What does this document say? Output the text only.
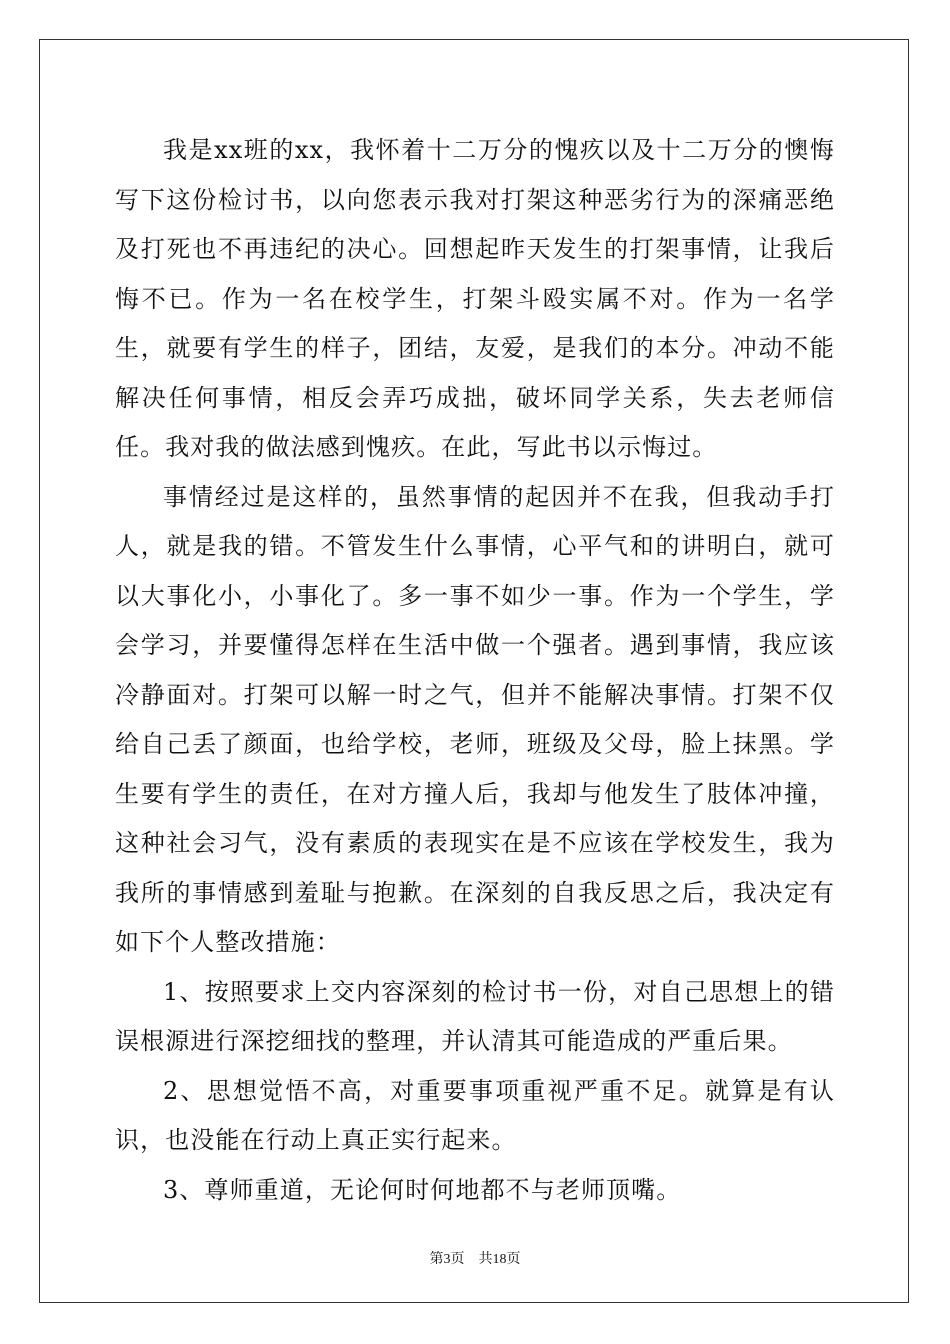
我是xx班的xx，我怀着十二万分的愧疚以及十二万分的懊悔写下这份检讨书，以向您表示我对打架这种恶劣行为的深痛恶绝及打死也不再违纪的决心。回想起昨天发生的打架事情，让我后悔不已。作为一名在校学生，打架斗殴实属不对。作为一名学生，就要有学生的样子，团结，友爱，是我们的本分。冲动不能解决任何事情，相反会弄巧成拙，破坏同学关系，失去老师信任。我对我的做法感到愧疚。在此，写此书以示悔过。

事情经过是这样的，虽然事情的起因并不在我，但我动手打人，就是我的错。不管发生什么事情，心平气和的讲明白，就可以大事化小，小事化了。多一事不如少一事。作为一个学生，学会学习，并要懂得怎样在生活中做一个强者。遇到事情，我应该冷静面对。打架可以解一时之气，但并不能解决事情。打架不仅给自己丢了颜面，也给学校，老师，班级及父母，脸上抹黑。学生要有学生的责任，在对方撞人后，我却与他发生了肢体冲撞，这种社会习气，没有素质的表现实在是不应该在学校发生，我为我所的事情感到羞耻与抱歉。在深刻的自我反思之后，我决定有如下个人整改措施：

1、按照要求上交内容深刻的检讨书一份，对自己思想上的错误根源进行深挖细找的整理，并认清其可能造成的严重后果。

2、思想觉悟不高，对重要事项重视严重不足。就算是有认识，也没能在行动上真正实行起来。

3、尊师重道，无论何时何地都不与老师顶嘴。

第3页 共18页
